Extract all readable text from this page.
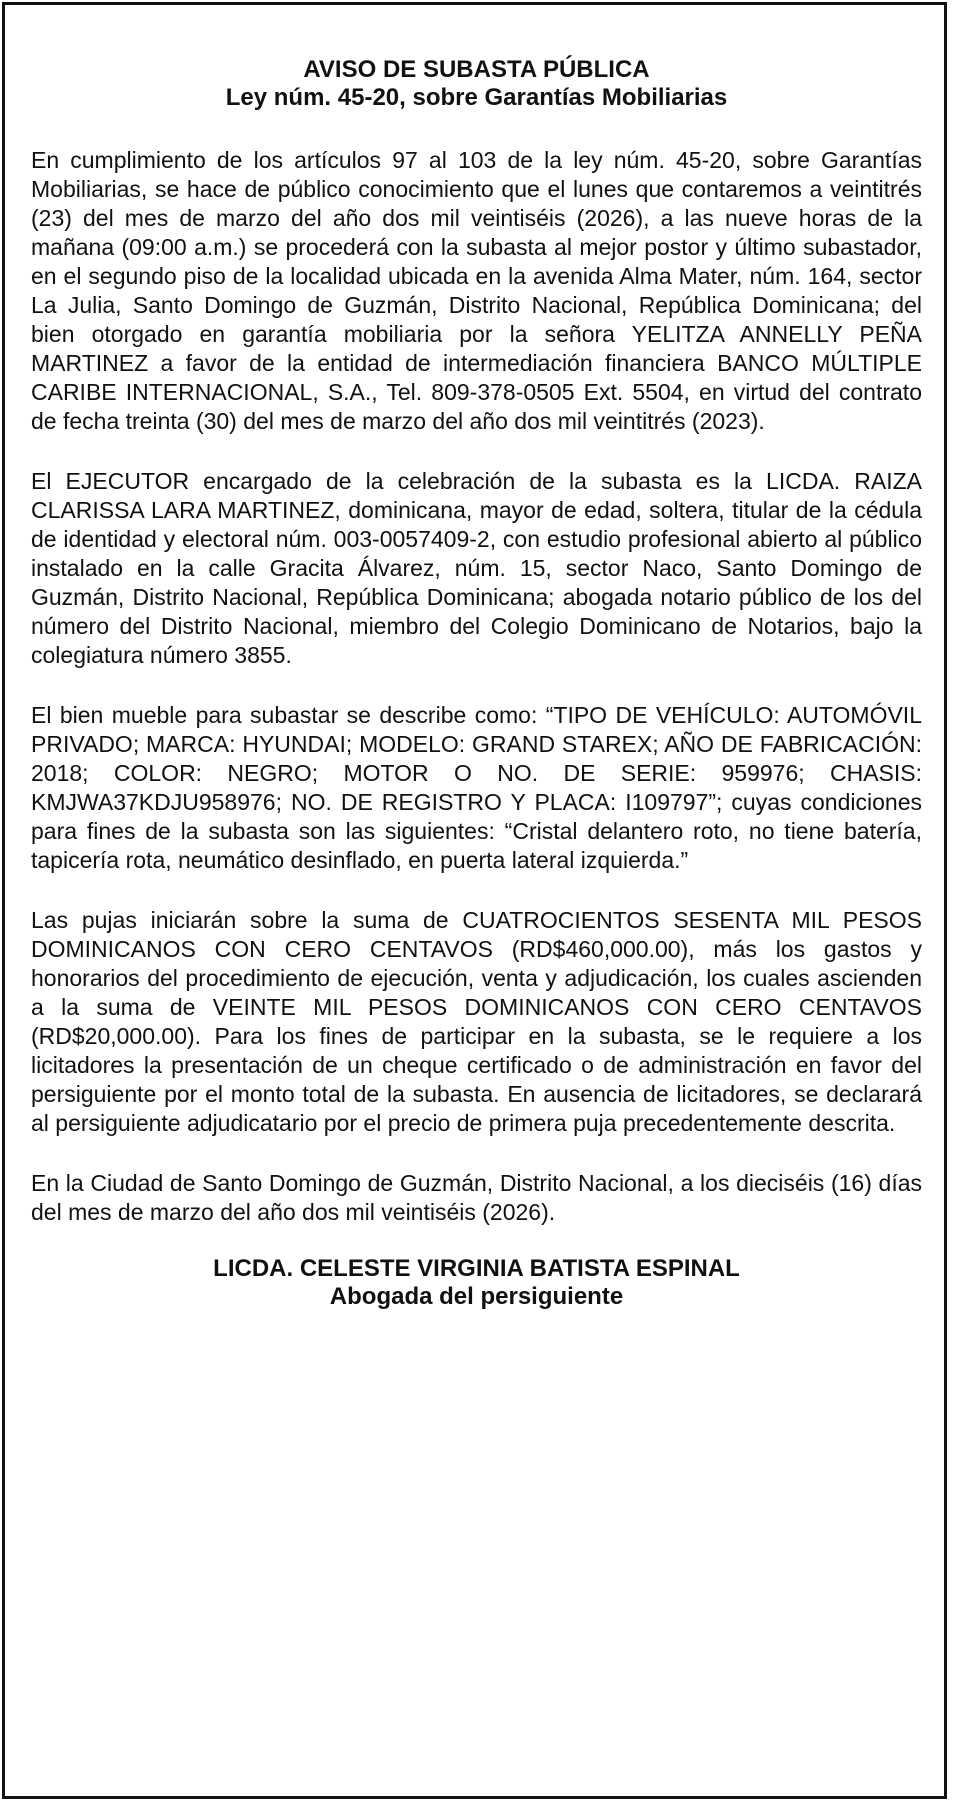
AVISO DE SUBASTA PÚBLICA

Ley núm. 45-20, sobre Garantías Mobiliarias

En cumplimiento de los artículos 97 al 103 de la ley núm. 45-20, sobre Garantías Mobiliarias, se hace de público conocimiento que el lunes que contaremos a veintitrés (23) del mes de marzo del año dos mil veintiséis (2026), a las nueve horas de la mañana (09:00 a.m.) se procederá con la subasta al mejor postor y último subastador, en el segundo piso de la localidad ubicada en la avenida Alma Mater, núm. 164, sector La Julia, Santo Domingo de Guzmán, Distrito Nacional, República Dominicana; del bien otorgado en garantía mobiliaria por la señora YELITZA ANNELLY PEÑA MARTINEZ a favor de la entidad de intermediación financiera BANCO MÚLTIPLE CARIBE INTERNACIONAL, S.A., Tel. 809-378-0505 Ext. 5504, en virtud del contrato de fecha treinta (30) del mes de marzo del año dos mil veintitrés (2023).

El EJECUTOR encargado de la celebración de la subasta es la LICDA. RAIZA CLARISSA LARA MARTINEZ, dominicana, mayor de edad, soltera, titular de la cédula de identidad y electoral núm. 003-0057409-2, con estudio profesional abierto al público instalado en la calle Gracita Álvarez, núm. 15, sector Naco, Santo Domingo de Guzmán, Distrito Nacional, República Dominicana; abogada notario público de los del número del Distrito Nacional, miembro del Colegio Dominicano de Notarios, bajo la colegiatura número 3855.

El bien mueble para subastar se describe como: “TIPO DE VEHÍCULO: AUTOMÓVIL PRIVADO; MARCA: HYUNDAI; MODELO: GRAND STAREX; AÑO DE FABRICACIÓN: 2018; COLOR: NEGRO; MOTOR O NO. DE SERIE: 959976; CHASIS: KMJWA37KDJU958976; NO. DE REGISTRO Y PLACA: I109797”; cuyas condiciones para fines de la subasta son las siguientes: “Cristal delantero roto, no tiene batería, tapicería rota, neumático desinflado, en puerta lateral izquierda.”

Las pujas iniciarán sobre la suma de CUATROCIENTOS SESENTA MIL PESOS DOMINICANOS CON CERO CENTAVOS (RD$460,000.00), más los gastos y honorarios del procedimiento de ejecución, venta y adjudicación, los cuales ascienden a la suma de VEINTE MIL PESOS DOMINICANOS CON CERO CENTAVOS (RD$20,000.00). Para los fines de participar en la subasta, se le requiere a los licitadores la presentación de un cheque certificado o de administración en favor del persiguiente por el monto total de la subasta. En ausencia de licitadores, se declarará al persiguiente adjudicatario por el precio de primera puja precedentemente descrita.

En la Ciudad de Santo Domingo de Guzmán, Distrito Nacional, a los dieciséis (16) días del mes de marzo del año dos mil veintiséis (2026).

LICDA. CELESTE VIRGINIA BATISTA ESPINAL

Abogada del persiguiente
